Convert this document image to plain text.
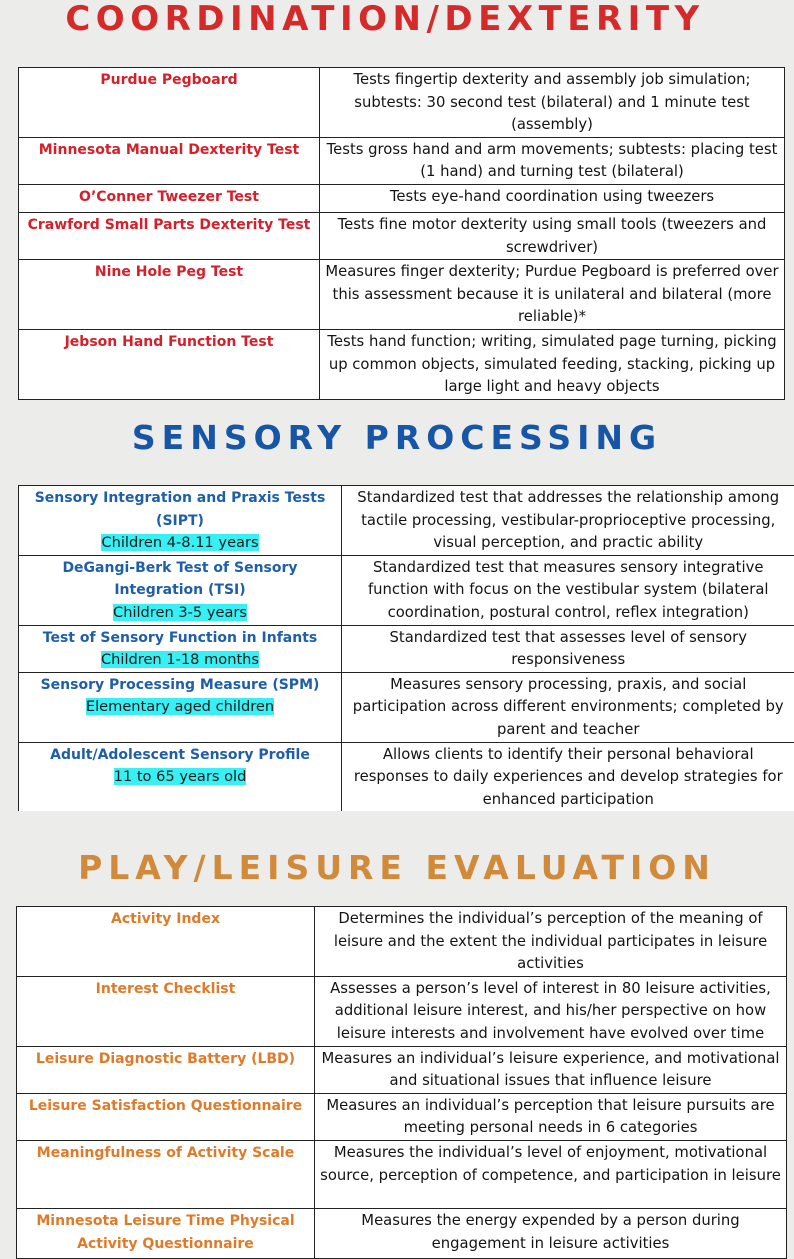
COORDINATION/DEXTERITY
Purdue Pegboard	Tests fingertip dexterity and assembly job simulation; subtests: 30 second test (bilateral) and 1 minute test (assembly)
Minnesota Manual Dexterity Test	Tests gross hand and arm movements; subtests: placing test (1 hand) and turning test (bilateral)
O’Conner Tweezer Test	Tests eye-hand coordination using tweezers
Crawford Small Parts Dexterity Test	Tests fine motor dexterity using small tools (tweezers and screwdriver)
Nine Hole Peg Test	Measures finger dexterity; Purdue Pegboard is preferred over this assessment because it is unilateral and bilateral (more reliable)*
Jebson Hand Function Test	Tests hand function; writing, simulated page turning, picking up common objects, simulated feeding, stacking, picking up large light and heavy objects
SENSORY PROCESSING
Sensory Integration and Praxis Tests (SIPT)
Children 4-8.11 years	Standardized test that addresses the relationship among tactile processing, vestibular-proprioceptive processing, visual perception, and practic ability
DeGangi-Berk Test of Sensory Integration (TSI)
Children 3-5 years	Standardized test that measures sensory integrative function with focus on the vestibular system (bilateral coordination, postural control, reflex integration)
Test of Sensory Function in Infants
Children 1-18 months	Standardized test that assesses level of sensory responsiveness
Sensory Processing Measure (SPM)
Elementary aged children	Measures sensory processing, praxis, and social participation across different environments; completed by parent and teacher
Adult/Adolescent Sensory Profile
11 to 65 years old	Allows clients to identify their personal behavioral responses to daily experiences and develop strategies for enhanced participation
PLAY/LEISURE EVALUATION
Activity Index	Determines the individual’s perception of the meaning of leisure and the extent the individual participates in leisure activities
Interest Checklist	Assesses a person’s level of interest in 80 leisure activities, additional leisure interest, and his/her perspective on how leisure interests and involvement have evolved over time
Leisure Diagnostic Battery (LBD)	Measures an individual’s leisure experience, and motivational and situational issues that influence leisure
Leisure Satisfaction Questionnaire	Measures an individual’s perception that leisure pursuits are meeting personal needs in 6 categories
Meaningfulness of Activity Scale	Measures the individual’s level of enjoyment, motivational source, perception of competence, and participation in leisure
Minnesota Leisure Time Physical Activity Questionnaire	Measures the energy expended by a person during engagement in leisure activities
